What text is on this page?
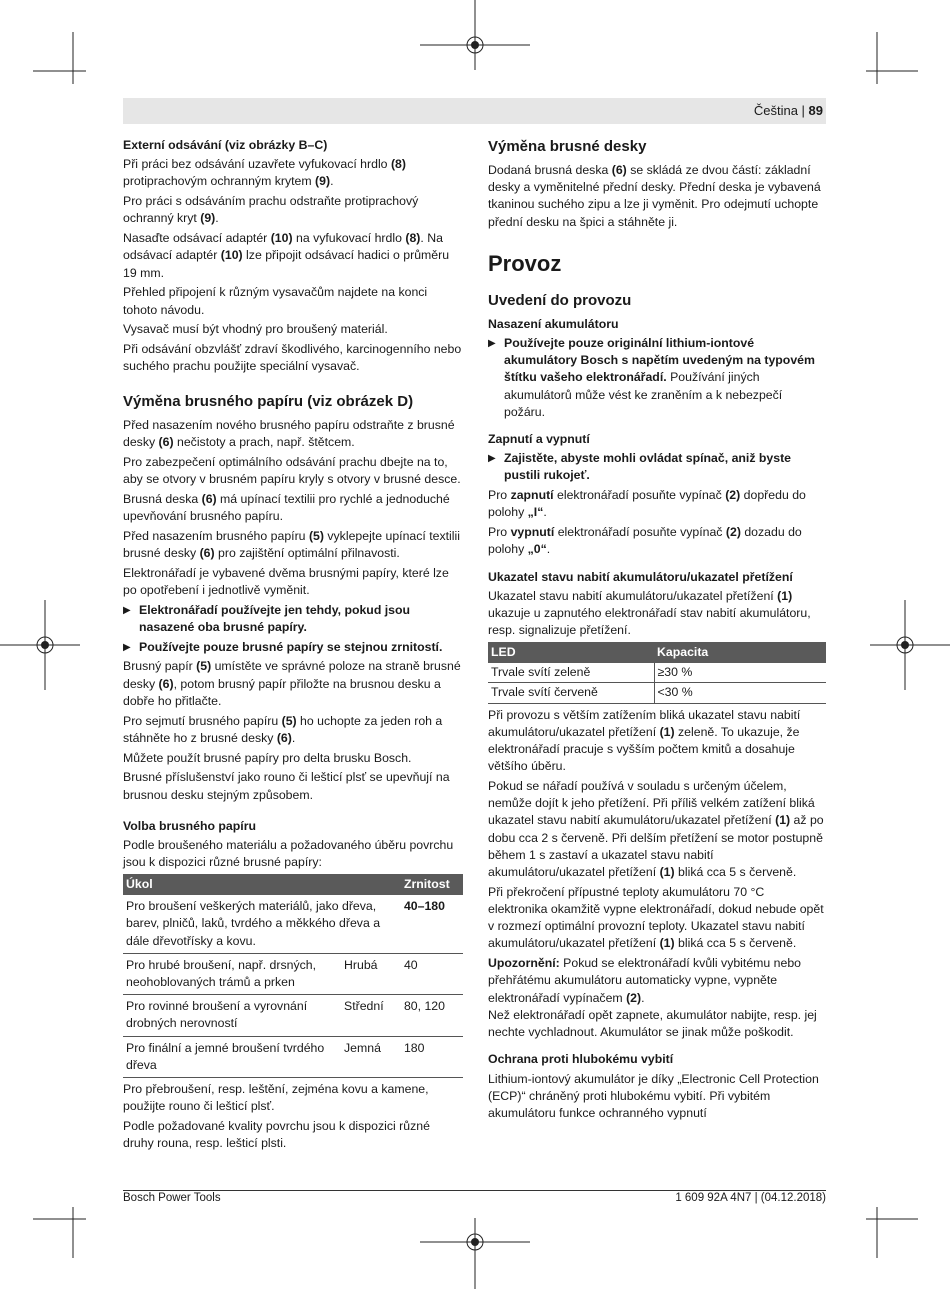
Čeština | 89
Externí odsávání (viz obrázky B–C)

Při práci bez odsávání uzavřete vyfukovací hrdlo (8) protiprachovým ochranným krytem (9).

Pro práci s odsáváním prachu odstraňte protiprachový ochranný kryt (9).

Nasaďte odsávací adaptér (10) na vyfukovací hrdlo (8). Na odsávací adaptér (10) lze připojit odsávací hadici o průměru 19 mm.

Přehled připojení k různým vysavačům najdete na konci tohoto návodu.

Vysavač musí být vhodný pro broušený materiál.

Při odsávání obzvlášť zdraví škodlivého, karcinogenního nebo suchého prachu použijte speciální vysavač.

Výměna brusného papíru (viz obrázek D)

Před nasazením nového brusného papíru odstraňte z brusné desky (6) nečistoty a prach, např. štětcem.

Pro zabezpečení optimálního odsávání prachu dbejte na to, aby se otvory v brusném papíru kryly s otvory v brusné desce.

Brusná deska (6) má upínací textilii pro rychlé a jednoduché upevňování brusného papíru.

Před nasazením brusného papíru (5) vyklepejte upínací textilii brusné desky (6) pro zajištění optimální přilnavosti.

Elektronářadí je vybavené dvěma brusnými papíry, které lze po opotřebení i jednotlivě vyměnit.

▶ Elektronářadí používejte jen tehdy, pokud jsou nasazené oba brusné papíry.
▶ Používejte pouze brusné papíry se stejnou zrnitostí.

Brusný papír (5) umístěte ve správné poloze na straně brusné desky (6), potom brusný papír přiložte na brusnou desku a dobře ho přitlačte.

Pro sejmutí brusného papíru (5) ho uchopte za jeden roh a stáhněte ho z brusné desky (6).

Můžete použít brusné papíry pro delta brusku Bosch.

Brusné příslušenství jako rouno či lešticí plsť se upevňují na brusnou desku stejným způsobem.

Volba brusného papíru

Podle broušeného materiálu a požadovaného úběru povrchu jsou k dispozici různé brusné papíry:

Úkol		Zrnitost
Pro broušení veškerých materiálů, jako dřeva, barev, plničů, laků, tvrdého a měkkého dřeva a dále dřevotřísky a kovu.		40–180
Pro hrubé broušení, např. drsných, neohoblovaných trámů a prken	Hrubá	40
Pro rovinné broušení a vyrovnání drobných nerovností	Střední	80, 120
Pro finální a jemné broušení tvrdého dřeva	Jemná	180

Pro přebroušení, resp. leštění, zejména kovu a kamene, použijte rouno či lešticí plsť.

Podle požadované kvality povrchu jsou k dispozici různé druhy rouna, resp. lešticí plsti.

Výměna brusné desky

Dodaná brusná deska (6) se skládá ze dvou částí: základní desky a vyměnitelné přední desky. Přední deska je vybavená tkaninou suchého zipu a lze ji vyměnit. Pro odejmutí uchopte přední desku na špici a stáhněte ji.

Provoz
Uvedení do provozu
Nasazení akumulátoru
▶ Používejte pouze originální lithium-iontové akumulátory Bosch s napětím uvedeným na typovém štítku vašeho elektronářadí. Používání jiných akumulátorů může vést ke zraněním a k nebezpečí požáru.
Zapnutí a vypnutí
▶ Zajistěte, abyste mohli ovládat spínač, aniž byste pustili rukojeť.

Pro zapnutí elektronářadí posuňte vypínač (2) dopředu do polohy „I“.

Pro vypnutí elektronářadí posuňte vypínač (2) dozadu do polohy „0“.

Ukazatel stavu nabití akumulátoru/ukazatel přetížení

Ukazatel stavu nabití akumulátoru/ukazatel přetížení (1) ukazuje u zapnutého elektronářadí stav nabití akumulátoru, resp. signalizuje přetížení.

LED	Kapacita
Trvale svítí zeleně	≥30 %
Trvale svítí červeně	<30 %

Při provozu s větším zatížením bliká ukazatel stavu nabití akumulátoru/ukazatel přetížení (1) zeleně. To ukazuje, že elektronářadí pracuje s vyšším počtem kmitů a dosahuje většího úběru.

Pokud se nářadí používá v souladu s určeným účelem, nemůže dojít k jeho přetížení. Při příliš velkém zatížení bliká ukazatel stavu nabití akumulátoru/ukazatel přetížení (1) až po dobu cca 2 s červeně. Při delším přetížení se motor postupně během 1 s zastaví a ukazatel stavu nabití akumulátoru/ukazatel přetížení (1) bliká cca 5 s červeně.

Při překročení přípustné teploty akumulátoru 70 °C elektronika okamžitě vypne elektronářadí, dokud nebude opět v rozmezí optimální provozní teploty. Ukazatel stavu nabití akumulátoru/ukazatel přetížení (1) bliká cca 5 s červeně.

Upozornění: Pokud se elektronářadí kvůli vybitému nebo přehřátému akumulátoru automaticky vypne, vypněte elektronářadí vypínačem (2).

Než elektronářadí opět zapnete, akumulátor nabijte, resp. jej nechte vychladnout. Akumulátor se jinak může poškodit.

Ochrana proti hlubokému vybití

Lithium-iontový akumulátor je díky „Electronic Cell Protection (ECP)“ chráněný proti hlubokému vybití. Při vybitém akumulátoru funkce ochranného vypnutí

Bosch Power Tools	1 609 92A 4N7 | (04.12.2018)
